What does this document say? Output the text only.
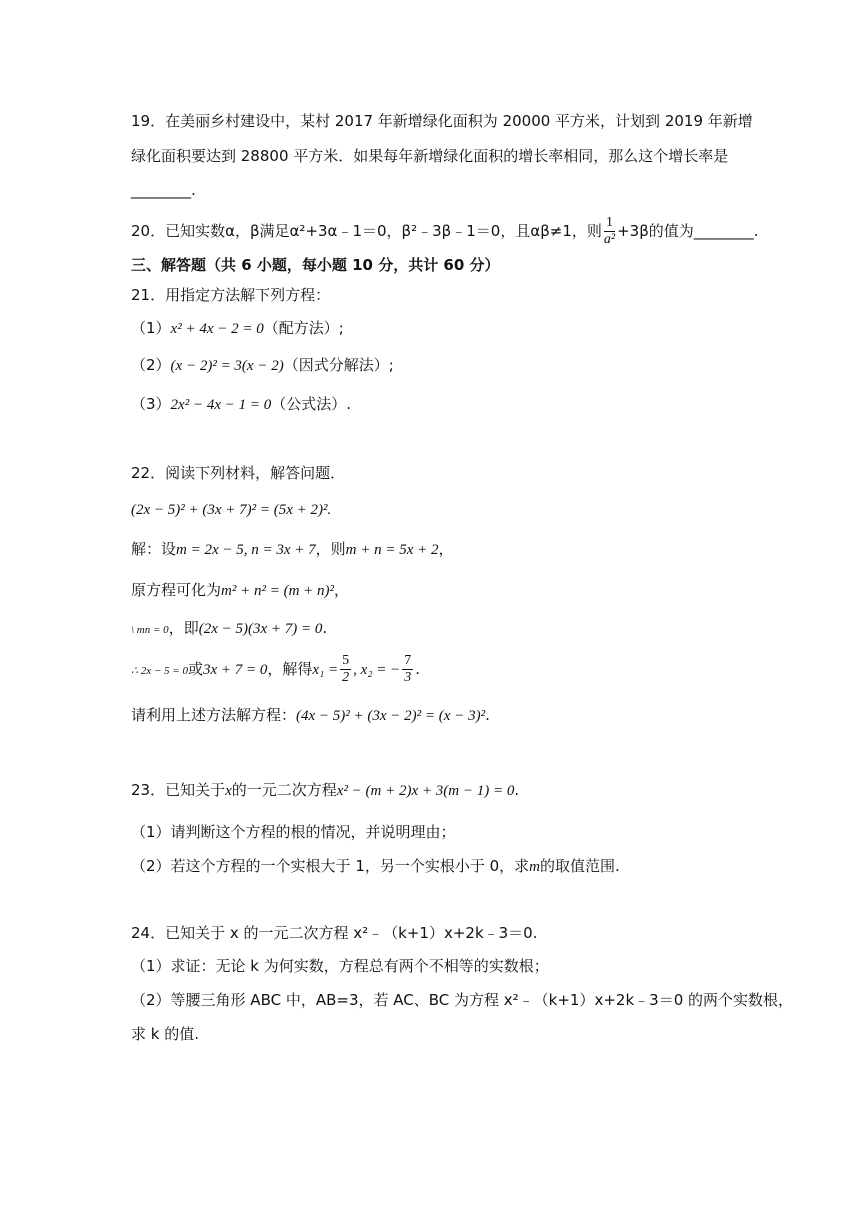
19．在美丽乡村建设中，某村 2017 年新增绿化面积为 20000 平方米，计划到 2019 年新增
绿化面积要达到 28800 平方米．如果每年新增绿化面积的增长率相同，那么这个增长率是
________.
20．已知实数α，β满足α²+3α﹣1＝0，β²﹣3β﹣1＝0，且αβ≠1，则 $\frac{1}{\text{a²}} +3\beta$的值为________.
三、解答题（共 6 小题，每小题 10 分，共计 60 分）
21．用指定方法解下列方程：
（1）x² + 4x − 2 = 0（配方法）;
（2）(x − 2)² = 3(x − 2)（因式分解法）;
（3）2x² − 4x − 1 = 0（公式法）.
22．阅读下列材料，解答问题．
(2x − 5)² + (3x + 7)² = (5x + 2)².
解：设m = 2x − 5, n = 3x + 7，则m + n = 5x + 2，
原方程可化为m² + n² = (m + n)²，
\ mn = 0，即(2x − 5)(3x + 7) = 0.
∴ 2x − 5 = 0或3x + 7 = 0，解得$x_1 = \frac{5}{2}$ , x₂ = − $\frac{7}{3}$ .
请利用上述方法解方程：(4x − 5)² + (3x − 2)² = (x − 3)².
23．已知关于x的一元二次方程x² − (m + 2)x + 3(m − 1) = 0.
（1）请判断这个方程的根的情况，并说明理由；
（2）若这个方程的一个实根大于 1，另一个实根小于 0，求m的取值范围.
24．已知关于 x 的一元二次方程 x²﹣（k+1）x+2k﹣3＝0.
（1）求证：无论 k 为何实数，方程总有两个不相等的实数根；
（2）等腰三角形 ABC 中，AB=3，若 AC、BC 为方程 x²﹣（k+1）x+2k﹣3＝0 的两个实数根，
求 k 的值.
